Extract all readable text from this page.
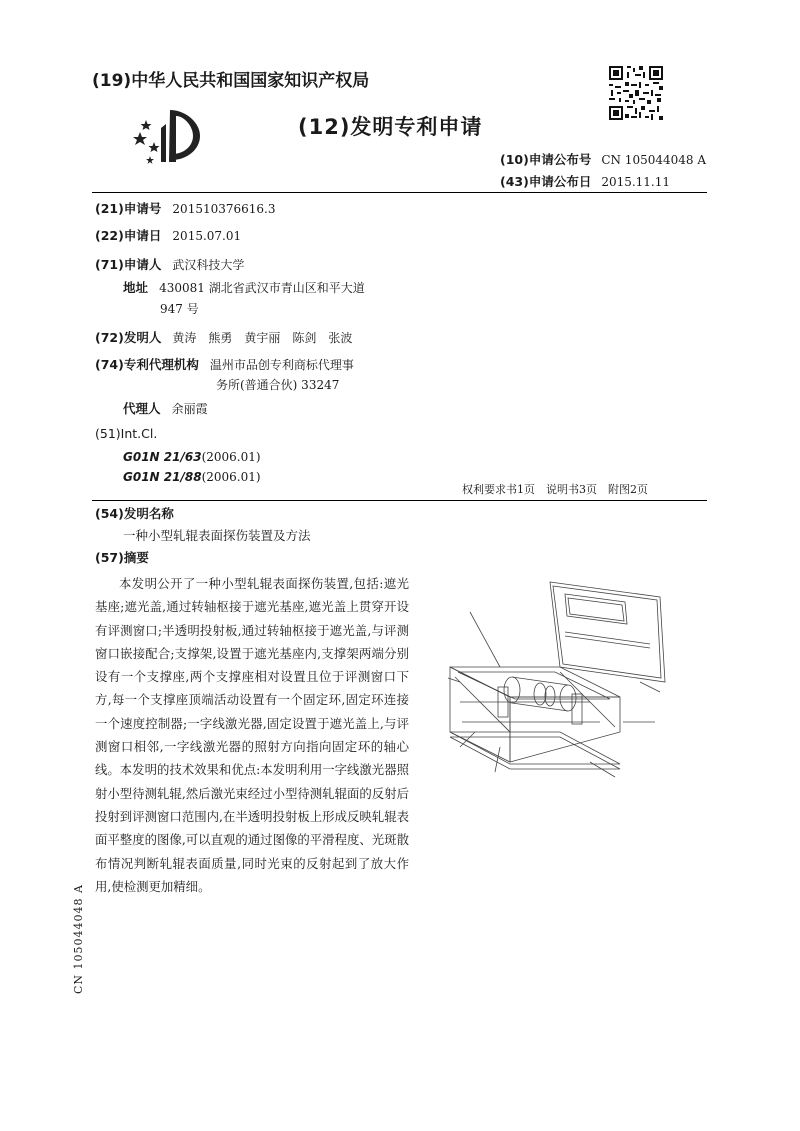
(19)中华人民共和国国家知识产权局
(12)发明专利申请
(10)申请公布号 CN 105044048 A
(43)申请公布日 2015.11.11
(21)申请号 201510376616.3
(22)申请日 2015.07.01
(71)申请人 武汉科技大学
地址 430081 湖北省武汉市青山区和平大道
947 号
(72)发明人 黄涛　熊勇　黄宇丽　陈剑　张波
(74)专利代理机构 温州市品创专利商标代理事
务所(普通合伙) 33247
代理人 余丽霞
(51)Int.Cl.
G01N 21/63(2006.01)
G01N 21/88(2006.01)
权利要求书1页　说明书3页　附图2页
(54)发明名称
一种小型轧辊表面探伤装置及方法
(57)摘要

本发明公开了一种小型轧辊表面探伤装置,包括:遮光基座;遮光盖,通过转轴枢接于遮光基座,遮光盖上贯穿开设有评测窗口;半透明投射板,通过转轴枢接于遮光盖,与评测窗口嵌接配合;支撑架,设置于遮光基座内,支撑架两端分别设有一个支撑座,两个支撑座相对设置且位于评测窗口下方,每一个支撑座顶端活动设置有一个固定环,固定环连接一个速度控制器;一字线激光器,固定设置于遮光盖上,与评测窗口相邻,一字线激光器的照射方向指向固定环的轴心线。本发明的技术效果和优点:本发明利用一字线激光器照射小型待测轧辊,然后激光束经过小型待测轧辊面的反射后投射到评测窗口范围内,在半透明投射板上形成反映轧辊表面平整度的图像,可以直观的通过图像的平滑程度、光斑散布情况判断轧辊表面质量,同时光束的反射起到了放大作用,使检测更加精细。

CN 105044048 A
